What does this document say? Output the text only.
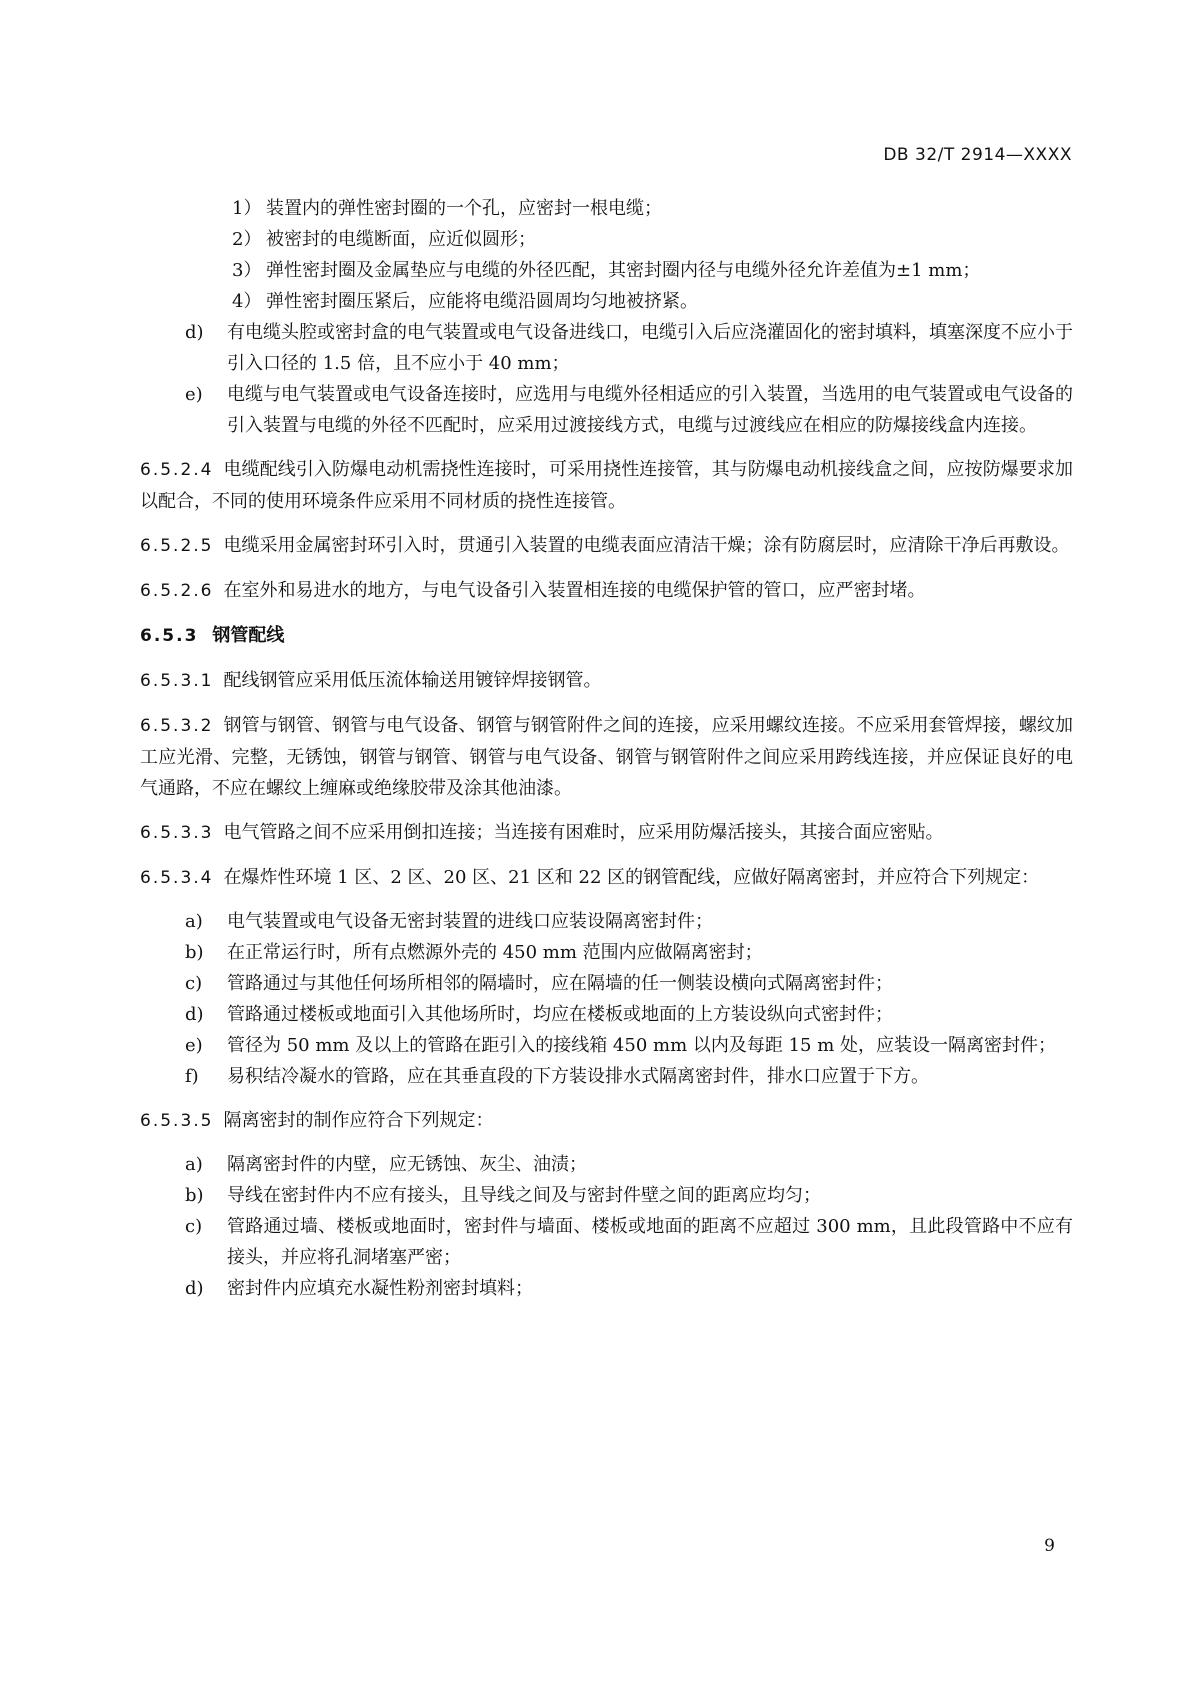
DB 32/T 2914—XXXX
1） 装置内的弹性密封圈的一个孔，应密封一根电缆；
2） 被密封的电缆断面，应近似圆形；
3） 弹性密封圈及金属垫应与电缆的外径匹配，其密封圈内径与电缆外径允许差值为±1 mm；
4） 弹性密封圈压紧后，应能将电缆沿圆周均匀地被挤紧。
d)	有电缆头腔或密封盒的电气装置或电气设备进线口，电缆引入后应浇灌固化的密封填料，填塞深度不应小于引入口径的 1.5 倍，且不应小于 40 mm；
e)	电缆与电气装置或电气设备连接时，应选用与电缆外径相适应的引入装置，当选用的电气装置或电气设备的引入装置与电缆的外径不匹配时，应采用过渡接线方式，电缆与过渡线应在相应的防爆接线盒内连接。

6.5.2.4 电缆配线引入防爆电动机需挠性连接时，可采用挠性连接管，其与防爆电动机接线盒之间，应按防爆要求加以配合，不同的使用环境条件应采用不同材质的挠性连接管。

6.5.2.5 电缆采用金属密封环引入时，贯通引入装置的电缆表面应清洁干燥；涂有防腐层时，应清除干净后再敷设。

6.5.2.6 在室外和易进水的地方，与电气设备引入装置相连接的电缆保护管的管口，应严密封堵。

6.5.3 钢管配线

6.5.3.1 配线钢管应采用低压流体输送用镀锌焊接钢管。

6.5.3.2 钢管与钢管、钢管与电气设备、钢管与钢管附件之间的连接，应采用螺纹连接。不应采用套管焊接，螺纹加工应光滑、完整，无锈蚀，钢管与钢管、钢管与电气设备、钢管与钢管附件之间应采用跨线连接，并应保证良好的电气通路，不应在螺纹上缠麻或绝缘胶带及涂其他油漆。

6.5.3.3 电气管路之间不应采用倒扣连接；当连接有困难时，应采用防爆活接头，其接合面应密贴。

6.5.3.4 在爆炸性环境 1 区、2 区、20 区、21 区和 22 区的钢管配线，应做好隔离密封，并应符合下列规定：

a)	电气装置或电气设备无密封装置的进线口应装设隔离密封件；
b)	在正常运行时，所有点燃源外壳的 450 mm 范围内应做隔离密封；
c)	管路通过与其他任何场所相邻的隔墙时，应在隔墙的任一侧装设横向式隔离密封件；
d)	管路通过楼板或地面引入其他场所时，均应在楼板或地面的上方装设纵向式密封件；
e)	管径为 50 mm 及以上的管路在距引入的接线箱 450 mm 以内及每距 15 m 处，应装设一隔离密封件；
f)	易积结冷凝水的管路，应在其垂直段的下方装设排水式隔离密封件，排水口应置于下方。

6.5.3.5 隔离密封的制作应符合下列规定：

a)	隔离密封件的内壁，应无锈蚀、灰尘、油渍；
b)	导线在密封件内不应有接头，且导线之间及与密封件壁之间的距离应均匀；
c)	管路通过墙、楼板或地面时，密封件与墙面、楼板或地面的距离不应超过 300 mm，且此段管路中不应有接头，并应将孔洞堵塞严密；
d)	密封件内应填充水凝性粉剂密封填料；
9
